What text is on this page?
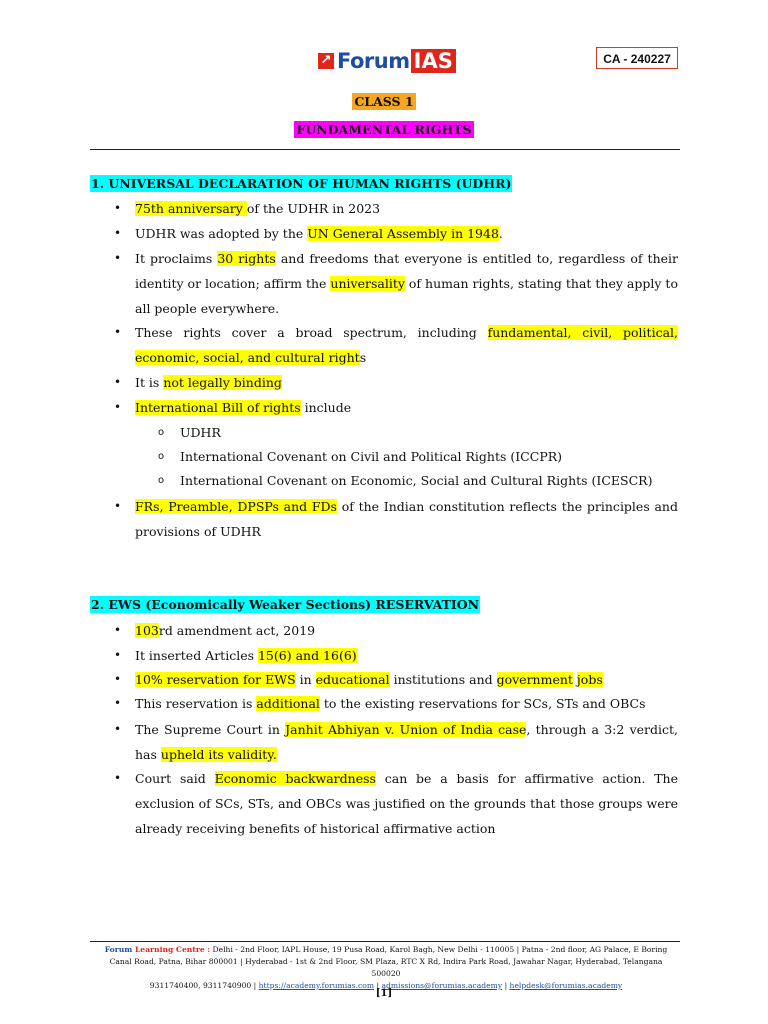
↗ Forum IAS	CA - 240227
CLASS 1
FUNDAMENTAL RIGHTS
1. UNIVERSAL DECLARATION OF HUMAN RIGHTS (UDHR)
• 75th anniversary of the UDHR in 2023
• UDHR was adopted by the UN General Assembly in 1948.
• It proclaims 30 rights and freedoms that everyone is entitled to, regardless of their identity or location; affirm the universality of human rights, stating that they apply to all people everywhere.
• These rights cover a broad spectrum, including fundamental, civil, political, economic, social, and cultural rights
• It is not legally binding
• International Bill of rights include
o UDHR
o International Covenant on Civil and Political Rights (ICCPR)
o International Covenant on Economic, Social and Cultural Rights (ICESCR)
• FRs, Preamble, DPSPs and FDs of the Indian constitution reflects the principles and provisions of UDHR
2. EWS (Economically Weaker Sections) RESERVATION
• 103rd amendment act, 2019
• It inserted Articles 15(6) and 16(6)
• 10% reservation for EWS in educational institutions and government jobs
• This reservation is additional to the existing reservations for SCs, STs and OBCs
• The Supreme Court in Janhit Abhiyan v. Union of India case, through a 3:2 verdict, has upheld its validity.
• Court said Economic backwardness can be a basis for affirmative action. The exclusion of SCs, STs, and OBCs was justified on the grounds that those groups were already receiving benefits of historical affirmative action
Forum Learning Centre : Delhi - 2nd Floor, IAPL House, 19 Pusa Road, Karol Bagh, New Delhi - 110005 | Patna - 2nd floor, AG Palace, E Boring Canal Road, Patna, Bihar 800001 | Hyderabad - 1st & 2nd Floor, SM Plaza, RTC X Rd, Indira Park Road, Jawahar Nagar, Hyderabad, Telangana 500020
9311740400, 9311740900 | https://academy.forumias.com | admissions@forumias.academy | helpdesk@forumias.academy
[1]
